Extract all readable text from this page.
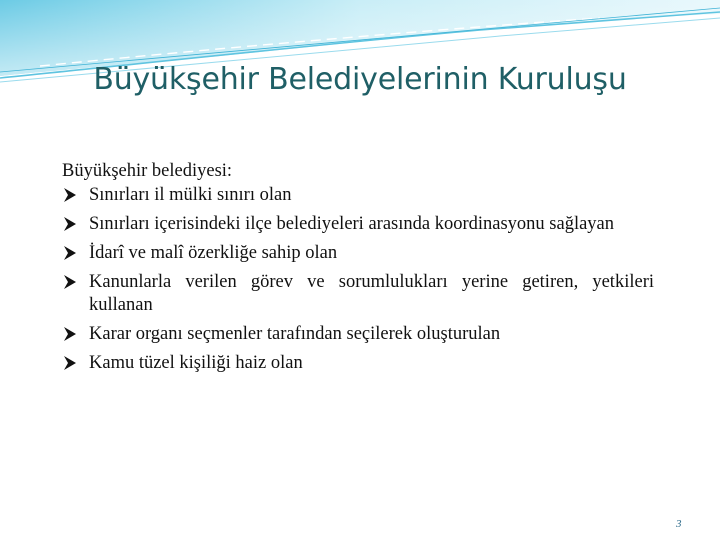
Büyükşehir Belediyelerinin Kuruluşu

Büyükşehir belediyesi:

Sınırları il mülki sınırı olan
Sınırları içerisindeki ilçe belediyeleri arasında koordinasyonu sağlayan
İdarî ve malî özerkliğe sahip olan
Kanunlarla verilen görev ve sorumlulukları yerine getiren, yetkileri kullanan
Karar organı seçmenler tarafından seçilerek oluşturulan
Kamu tüzel kişiliği haiz olan
3
